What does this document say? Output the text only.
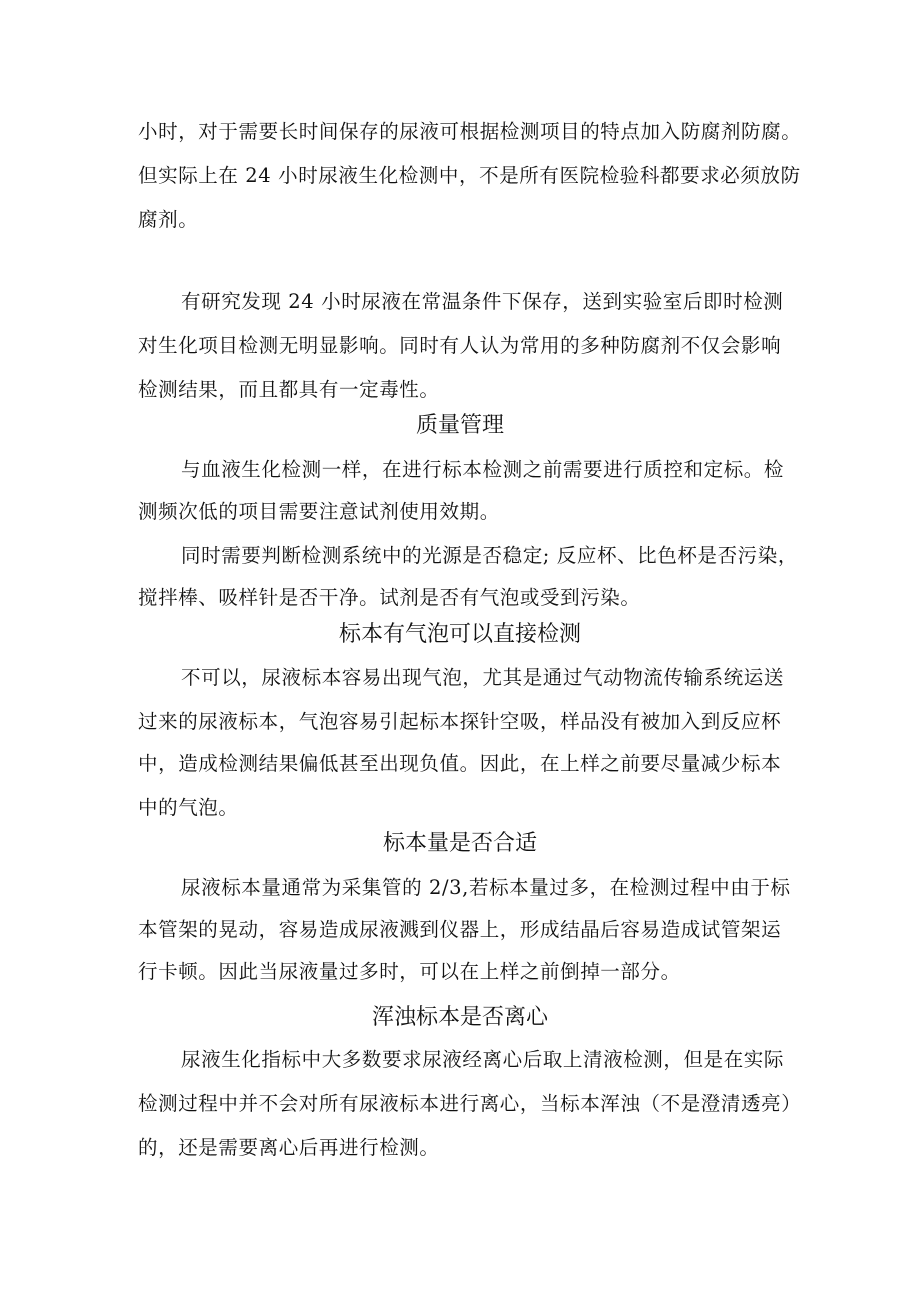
小时，对于需要长时间保存的尿液可根据检测项目的特点加入防腐剂防腐。
但实际上在 24 小时尿液生化检测中，不是所有医院检验科都要求必须放防
腐剂。
有研究发现 24 小时尿液在常温条件下保存，送到实验室后即时检测
对生化项目检测无明显影响。同时有人认为常用的多种防腐剂不仅会影响
检测结果，而且都具有一定毒性。
质量管理
与血液生化检测一样，在进行标本检测之前需要进行质控和定标。检
测频次低的项目需要注意试剂使用效期。
同时需要判断检测系统中的光源是否稳定; 反应杯、比色杯是否污染，
搅拌棒、吸样针是否干净。试剂是否有气泡或受到污染。
标本有气泡可以直接检测
不可以，尿液标本容易出现气泡，尤其是通过气动物流传输系统运送
过来的尿液标本，气泡容易引起标本探针空吸，样品没有被加入到反应杯
中，造成检测结果偏低甚至出现负值。因此，在上样之前要尽量减少标本
中的气泡。
标本量是否合适
尿液标本量通常为采集管的 2/3,若标本量过多，在检测过程中由于标
本管架的晃动，容易造成尿液溅到仪器上，形成结晶后容易造成试管架运
行卡顿。因此当尿液量过多时，可以在上样之前倒掉一部分。
浑浊标本是否离心
尿液生化指标中大多数要求尿液经离心后取上清液检测，但是在实际
检测过程中并不会对所有尿液标本进行离心，当标本浑浊（不是澄清透亮）
的，还是需要离心后再进行检测。
